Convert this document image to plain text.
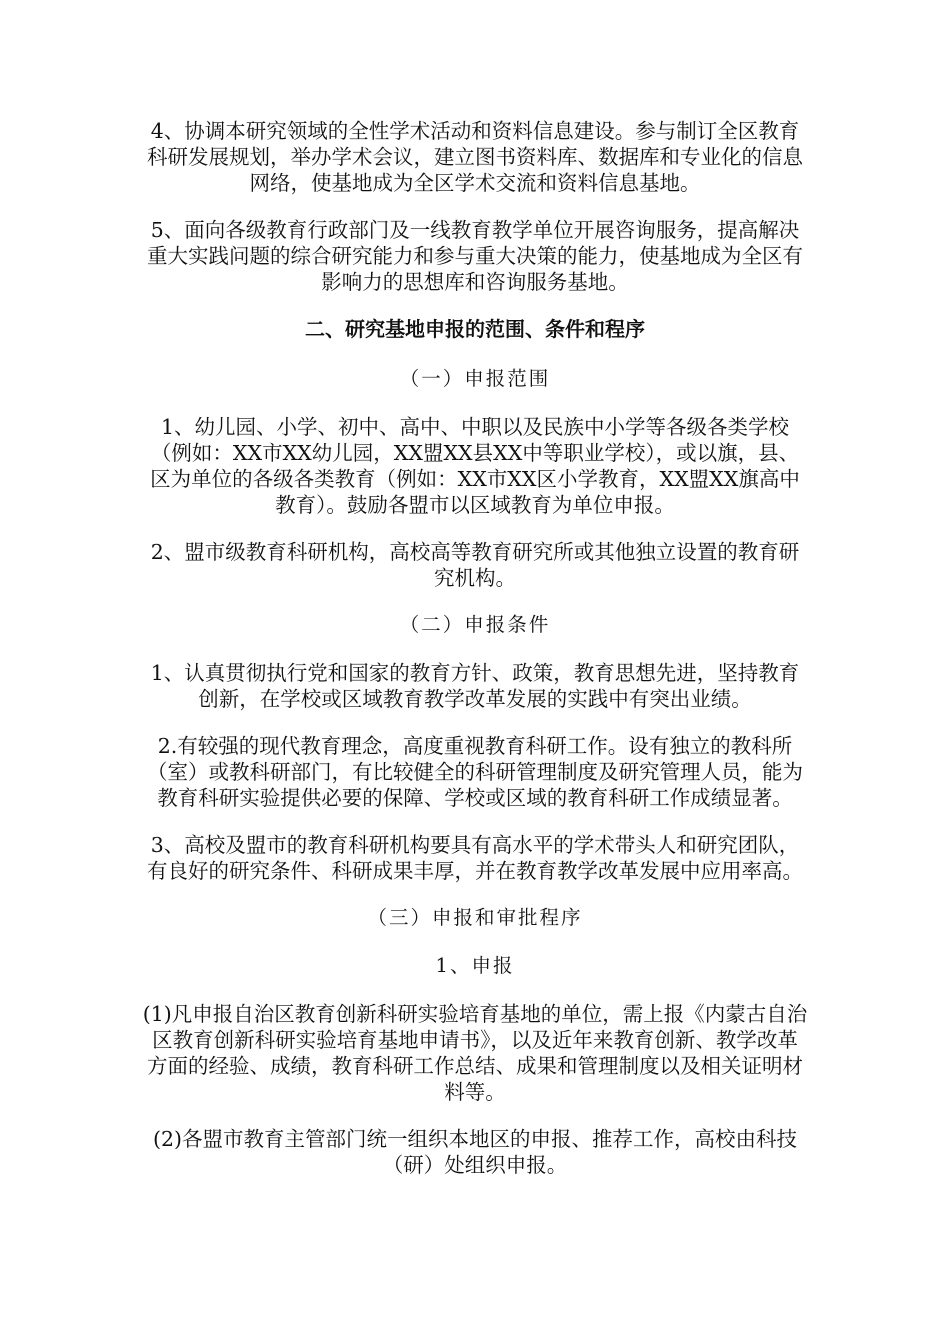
4、协调本研究领域的全性学术活动和资料信息建设。参与制订全区教育科研发展规划，举办学术会议，建立图书资料库、数据库和专业化的信息网络，使基地成为全区学术交流和资料信息基地。

5、面向各级教育行政部门及一线教育教学单位开展咨询服务，提高解决重大实践问题的综合研究能力和参与重大决策的能力，使基地成为全区有影响力的思想库和咨询服务基地。

二、研究基地申报的范围、条件和程序
（一）申报范围

1、幼儿园、小学、初中、高中、中职以及民族中小学等各级各类学校（例如：XX市XX幼儿园，XX盟XX县XX中等职业学校），或以旗，县、区为单位的各级各类教育（例如：XX市XX区小学教育，XX盟XX旗高中教育）。鼓励各盟市以区域教育为单位申报。

2、盟市级教育科研机构，高校高等教育研究所或其他独立设置的教育研究机构。

（二）申报条件

1、认真贯彻执行党和国家的教育方针、政策，教育思想先进，坚持教育创新，在学校或区域教育教学改革发展的实践中有突出业绩。

2.有较强的现代教育理念，高度重视教育科研工作。设有独立的教科所（室）或教科研部门，有比较健全的科研管理制度及研究管理人员，能为教育科研实验提供必要的保障、学校或区域的教育科研工作成绩显著。

3、高校及盟市的教育科研机构要具有高水平的学术带头人和研究团队，有良好的研究条件、科研成果丰厚，并在教育教学改革发展中应用率高。

（三）申报和审批程序
1、申报

(1)凡申报自治区教育创新科研实验培育基地的单位，需上报《内蒙古自治区教育创新科研实验培育基地申请书》，以及近年来教育创新、教学改革方面的经验、成绩，教育科研工作总结、成果和管理制度以及相关证明材料等。

(2)各盟市教育主管部门统一组织本地区的申报、推荐工作，高校由科技（研）处组织申报。
